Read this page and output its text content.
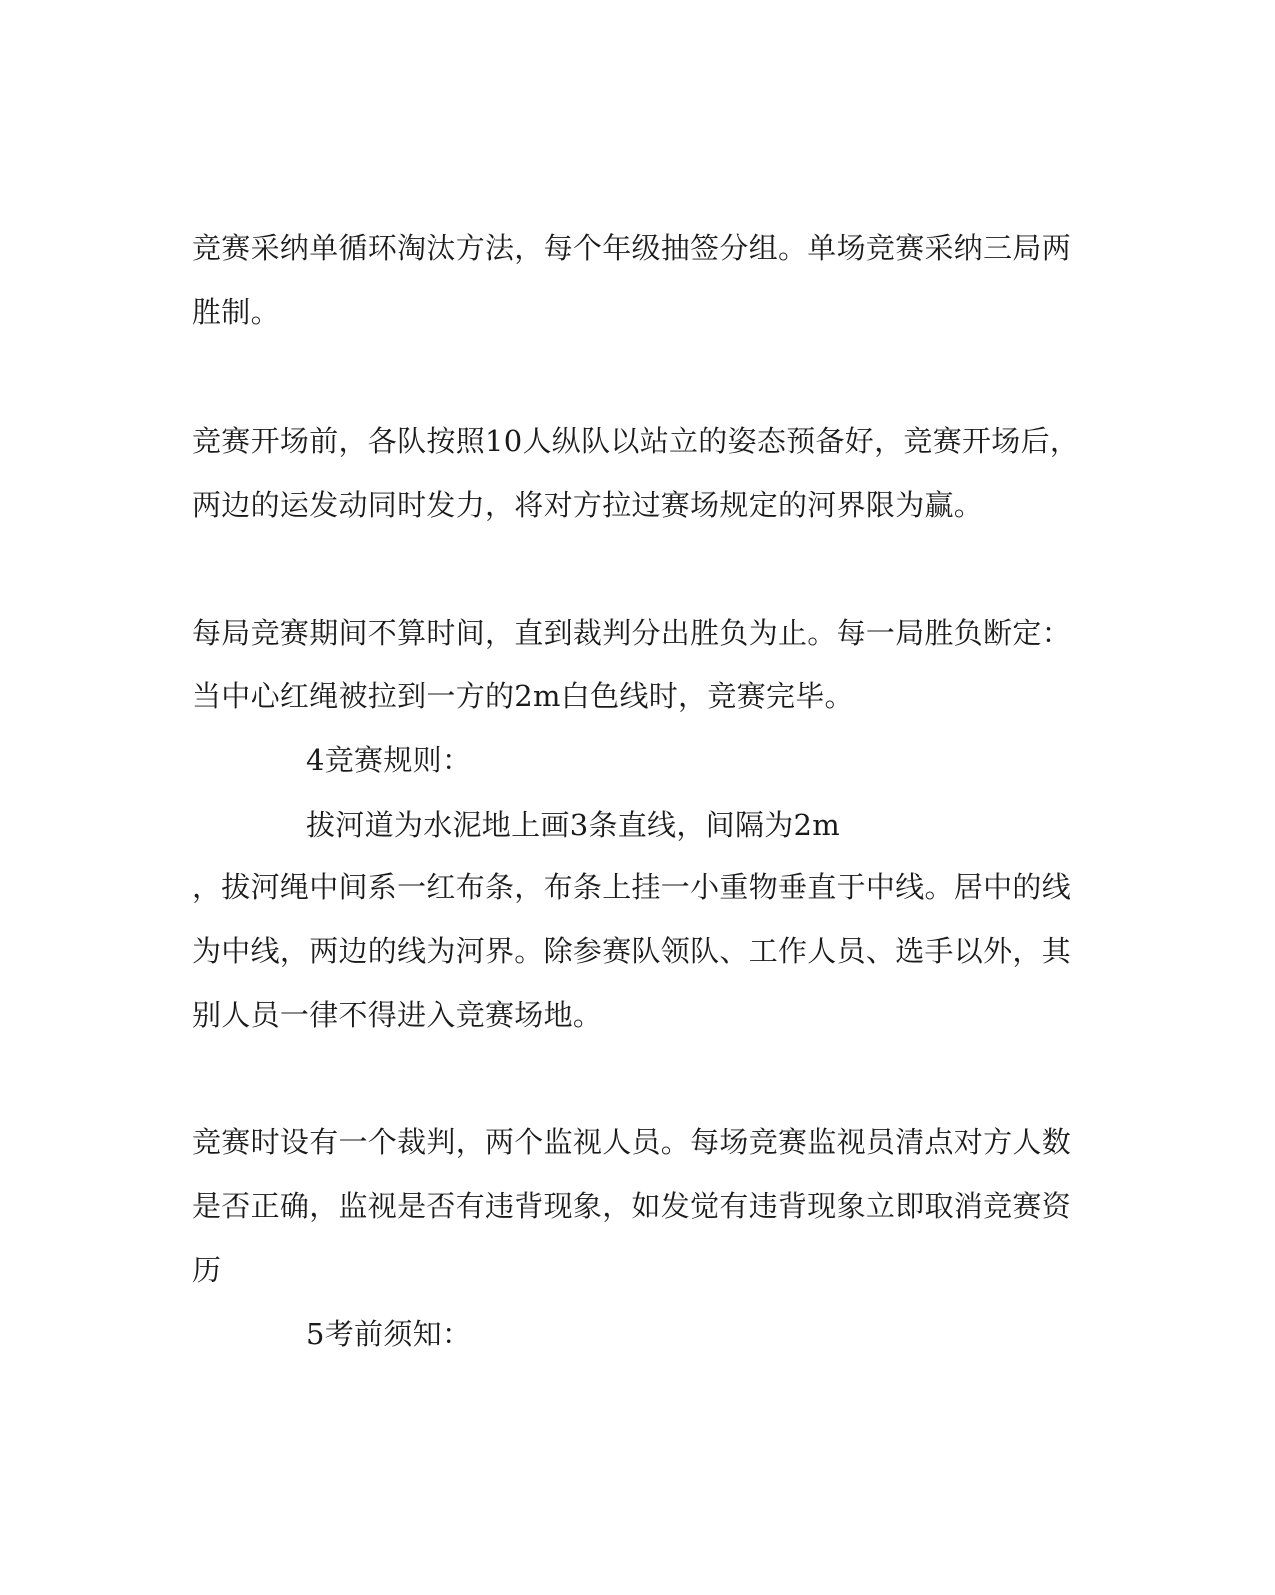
竞赛采纳单循环淘汰方法，每个年级抽签分组。单场竞赛采纳三局两
胜制。
竞赛开场前，各队按照10人纵队以站立的姿态预备好，竞赛开场后，
两边的运发动同时发力，将对方拉过赛场规定的河界限为赢。
每局竞赛期间不算时间，直到裁判分出胜负为止。每一局胜负断定：
当中心红绳被拉到一方的2m白色线时，竞赛完毕。
4竞赛规则：
拔河道为水泥地上画3条直线，间隔为2m
，拔河绳中间系一红布条，布条上挂一小重物垂直于中线。居中的线
为中线，两边的线为河界。除参赛队领队、工作人员、选手以外，其
别人员一律不得进入竞赛场地。
竞赛时设有一个裁判，两个监视人员。每场竞赛监视员清点对方人数
是否正确，监视是否有违背现象，如发觉有违背现象立即取消竞赛资
历
5考前须知：
